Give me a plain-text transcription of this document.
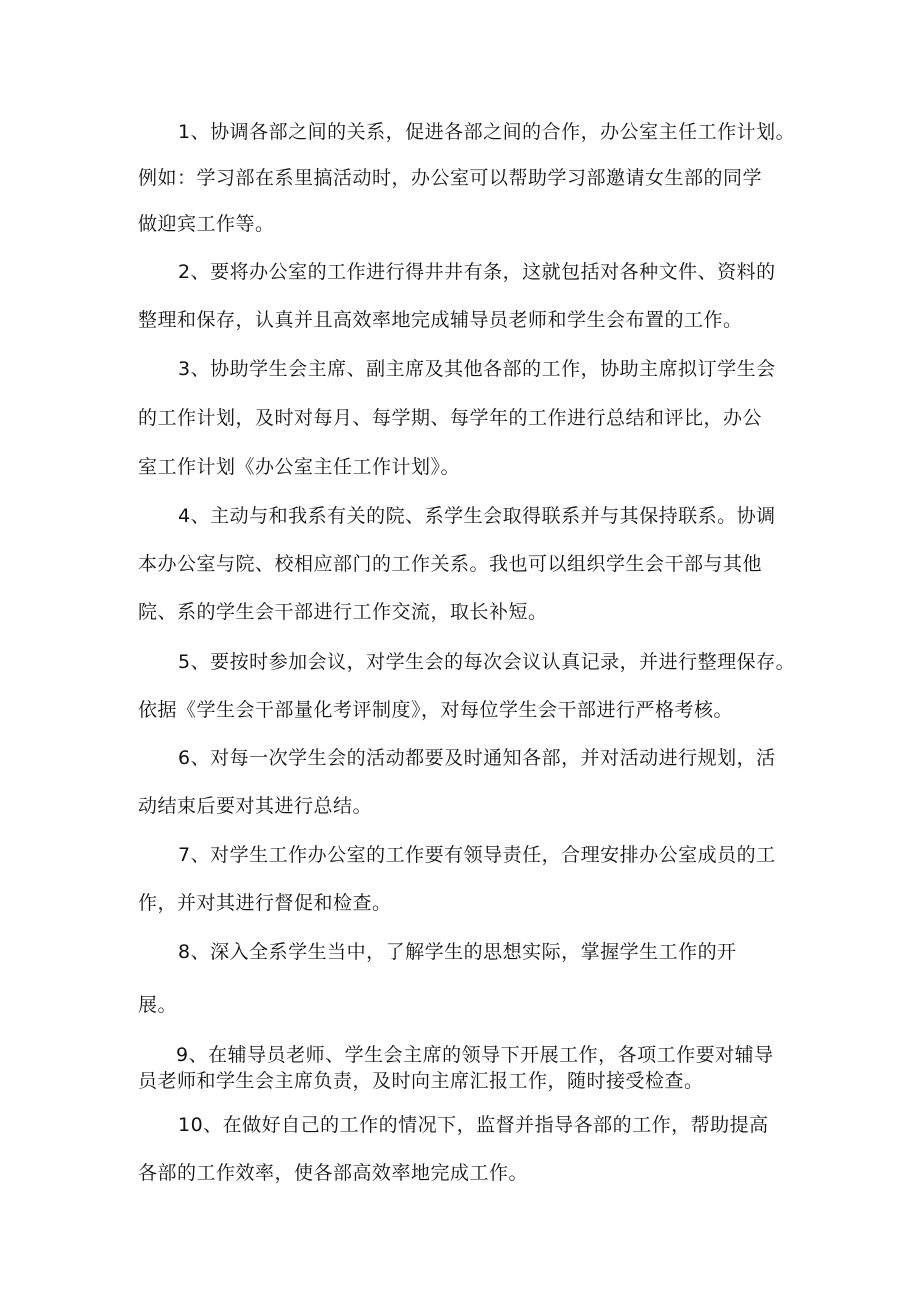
1、协调各部之间的关系，促进各部之间的合作，办公室主任工作计划。
例如：学习部在系里搞活动时，办公室可以帮助学习部邀请女生部的同学
做迎宾工作等。
2、要将办公室的工作进行得井井有条，这就包括对各种文件、资料的
整理和保存，认真并且高效率地完成辅导员老师和学生会布置的工作。
3、协助学生会主席、副主席及其他各部的工作，协助主席拟订学生会
的工作计划，及时对每月、每学期、每学年的工作进行总结和评比，办公
室工作计划《办公室主任工作计划》。
4、主动与和我系有关的院、系学生会取得联系并与其保持联系。协调
本办公室与院、校相应部门的工作关系。我也可以组织学生会干部与其他
院、系的学生会干部进行工作交流，取长补短。
5、要按时参加会议，对学生会的每次会议认真记录，并进行整理保存。
依据《学生会干部量化考评制度》，对每位学生会干部进行严格考核。
6、对每一次学生会的活动都要及时通知各部，并对活动进行规划，活
动结束后要对其进行总结。
7、对学生工作办公室的工作要有领导责任，合理安排办公室成员的工
作，并对其进行督促和检查。
8、深入全系学生当中，了解学生的思想实际，掌握学生工作的开
展。
9、在辅导员老师、学生会主席的领导下开展工作，各项工作要对辅导
员老师和学生会主席负责，及时向主席汇报工作，随时接受检查。
10、在做好自己的工作的情况下，监督并指导各部的工作，帮助提高
各部的工作效率，使各部高效率地完成工作。
